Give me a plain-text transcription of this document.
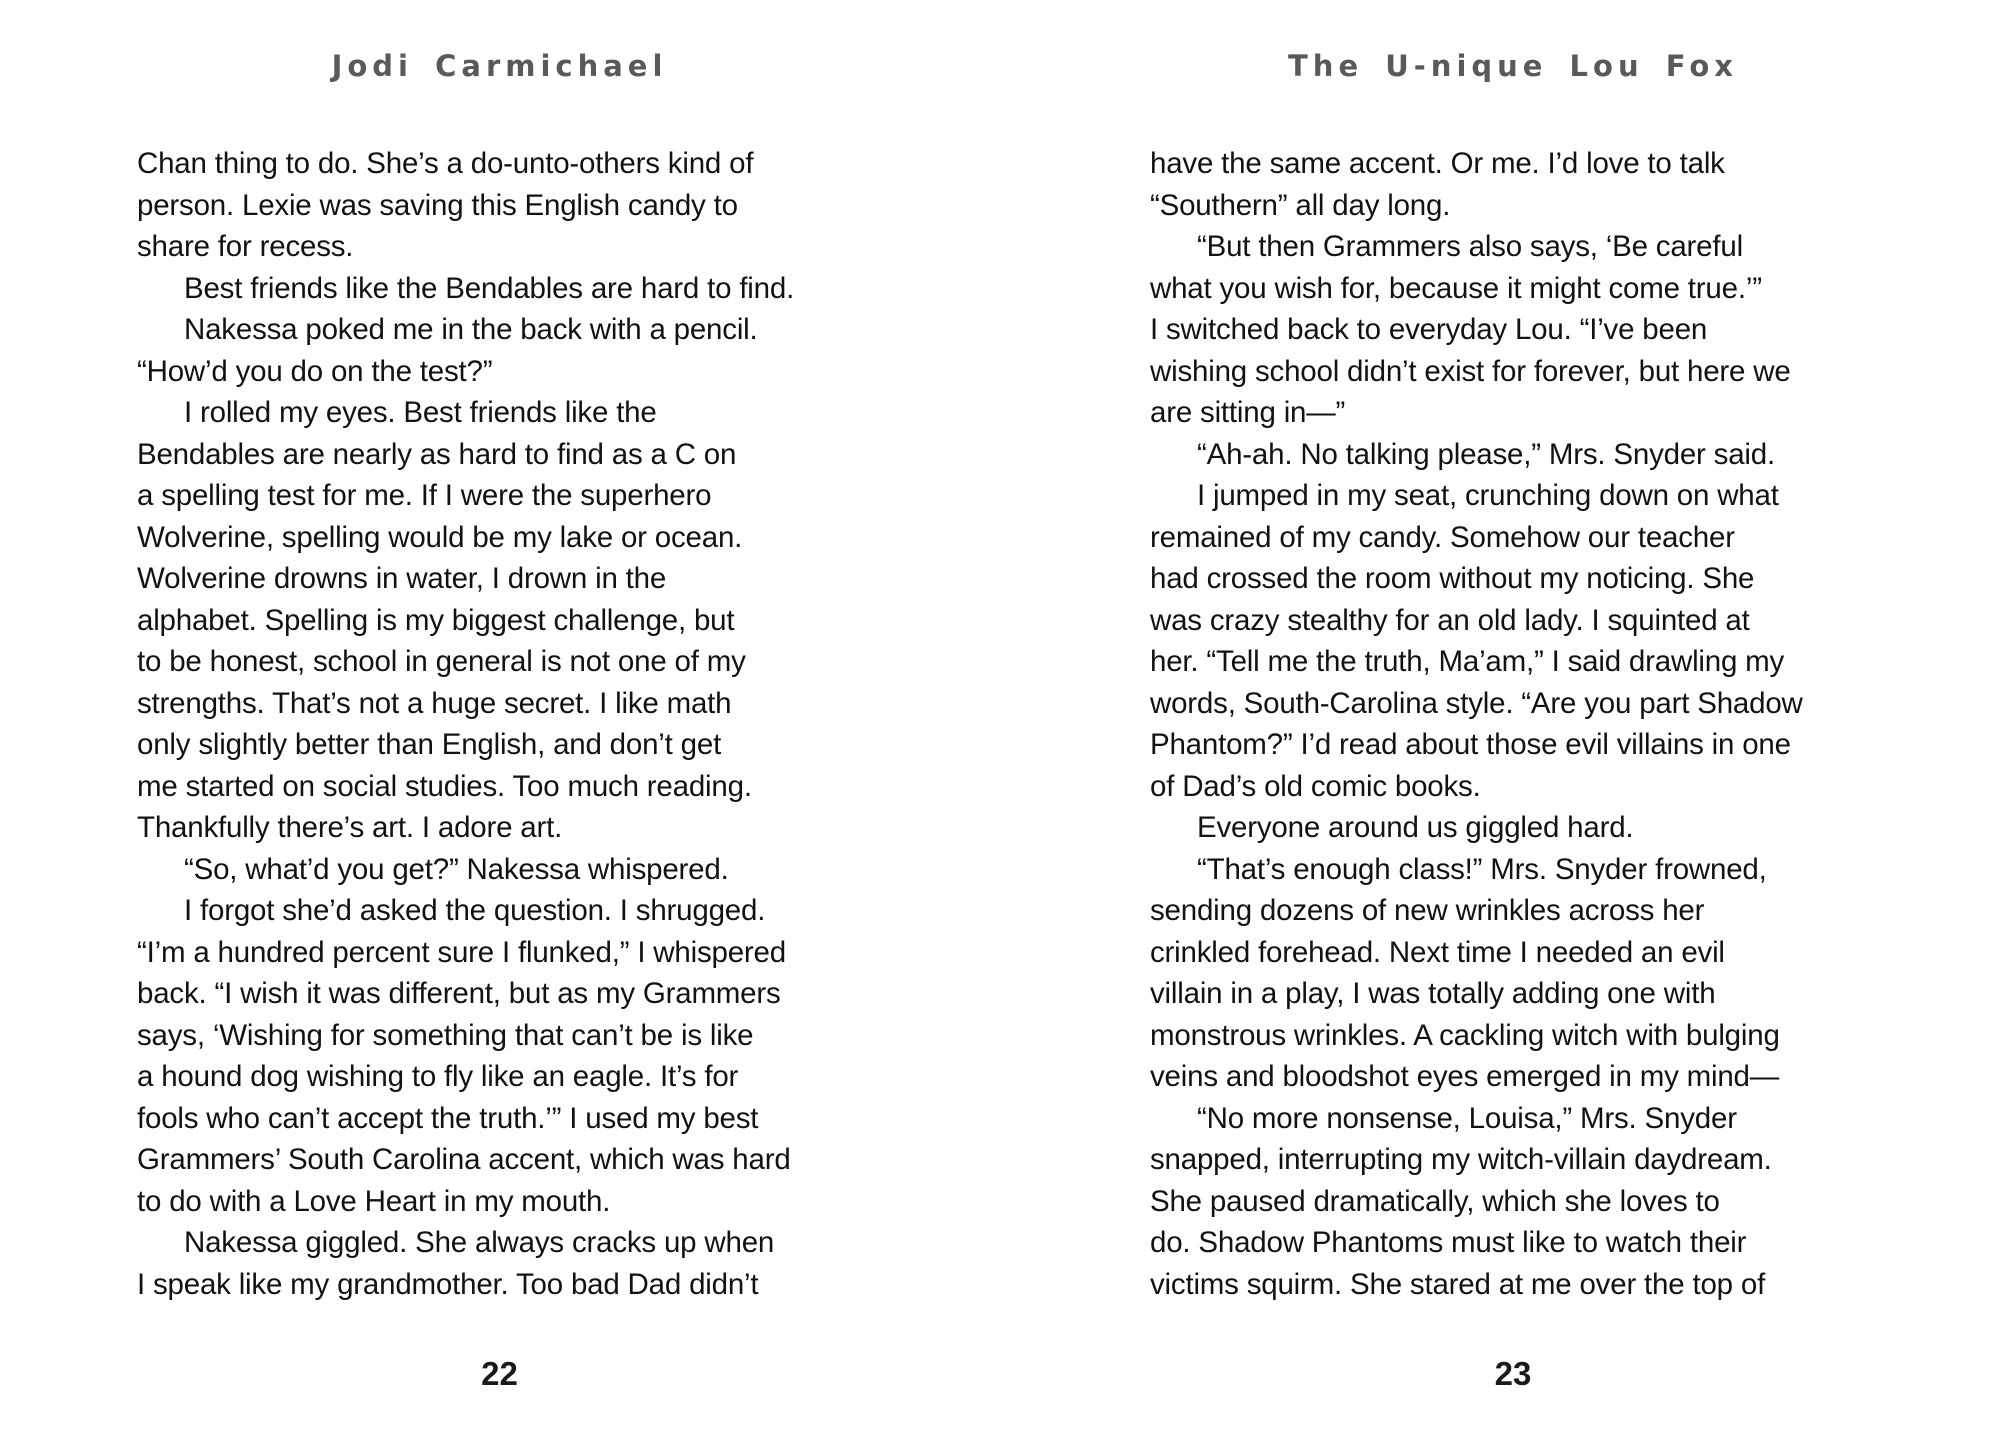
Jodi Carmichael
Chan thing to do. She’s a do-unto-others kind of
person. Lexie was saving this English candy to
share for recess.
Best friends like the Bendables are hard to find.
Nakessa poked me in the back with a pencil.
“How’d you do on the test?”
I rolled my eyes. Best friends like the
Bendables are nearly as hard to find as a C on
a spelling test for me. If I were the superhero
Wolverine, spelling would be my lake or ocean.
Wolverine drowns in water, I drown in the
alphabet. Spelling is my biggest challenge, but
to be honest, school in general is not one of my
strengths. That’s not a huge secret. I like math
only slightly better than English, and don’t get
me started on social studies. Too much reading.
Thankfully there’s art. I adore art.
“So, what’d you get?” Nakessa whispered.
I forgot she’d asked the question. I shrugged.
“I’m a hundred percent sure I flunked,” I whispered
back. “I wish it was different, but as my Grammers
says, ‘Wishing for something that can’t be is like
a hound dog wishing to fly like an eagle. It’s for
fools who can’t accept the truth.’” I used my best
Grammers’ South Carolina accent, which was hard
to do with a Love Heart in my mouth.
Nakessa giggled. She always cracks up when
I speak like my grandmother. Too bad Dad didn’t
22
The U-nique Lou Fox
have the same accent. Or me. I’d love to talk
“Southern” all day long.
“But then Grammers also says, ‘Be careful
what you wish for, because it might come true.’”
I switched back to everyday Lou. “I’ve been
wishing school didn’t exist for forever, but here we
are sitting in—”
“Ah-ah. No talking please,” Mrs. Snyder said.
I jumped in my seat, crunching down on what
remained of my candy. Somehow our teacher
had crossed the room without my noticing. She
was crazy stealthy for an old lady. I squinted at
her. “Tell me the truth, Ma’am,” I said drawling my
words, South-Carolina style. “Are you part Shadow
Phantom?” I’d read about those evil villains in one
of Dad’s old comic books.
Everyone around us giggled hard.
“That’s enough class!” Mrs. Snyder frowned,
sending dozens of new wrinkles across her
crinkled forehead. Next time I needed an evil
villain in a play, I was totally adding one with
monstrous wrinkles. A cackling witch with bulging
veins and bloodshot eyes emerged in my mind—
“No more nonsense, Louisa,” Mrs. Snyder
snapped, interrupting my witch-villain daydream.
She paused dramatically, which she loves to
do. Shadow Phantoms must like to watch their
victims squirm. She stared at me over the top of
23
